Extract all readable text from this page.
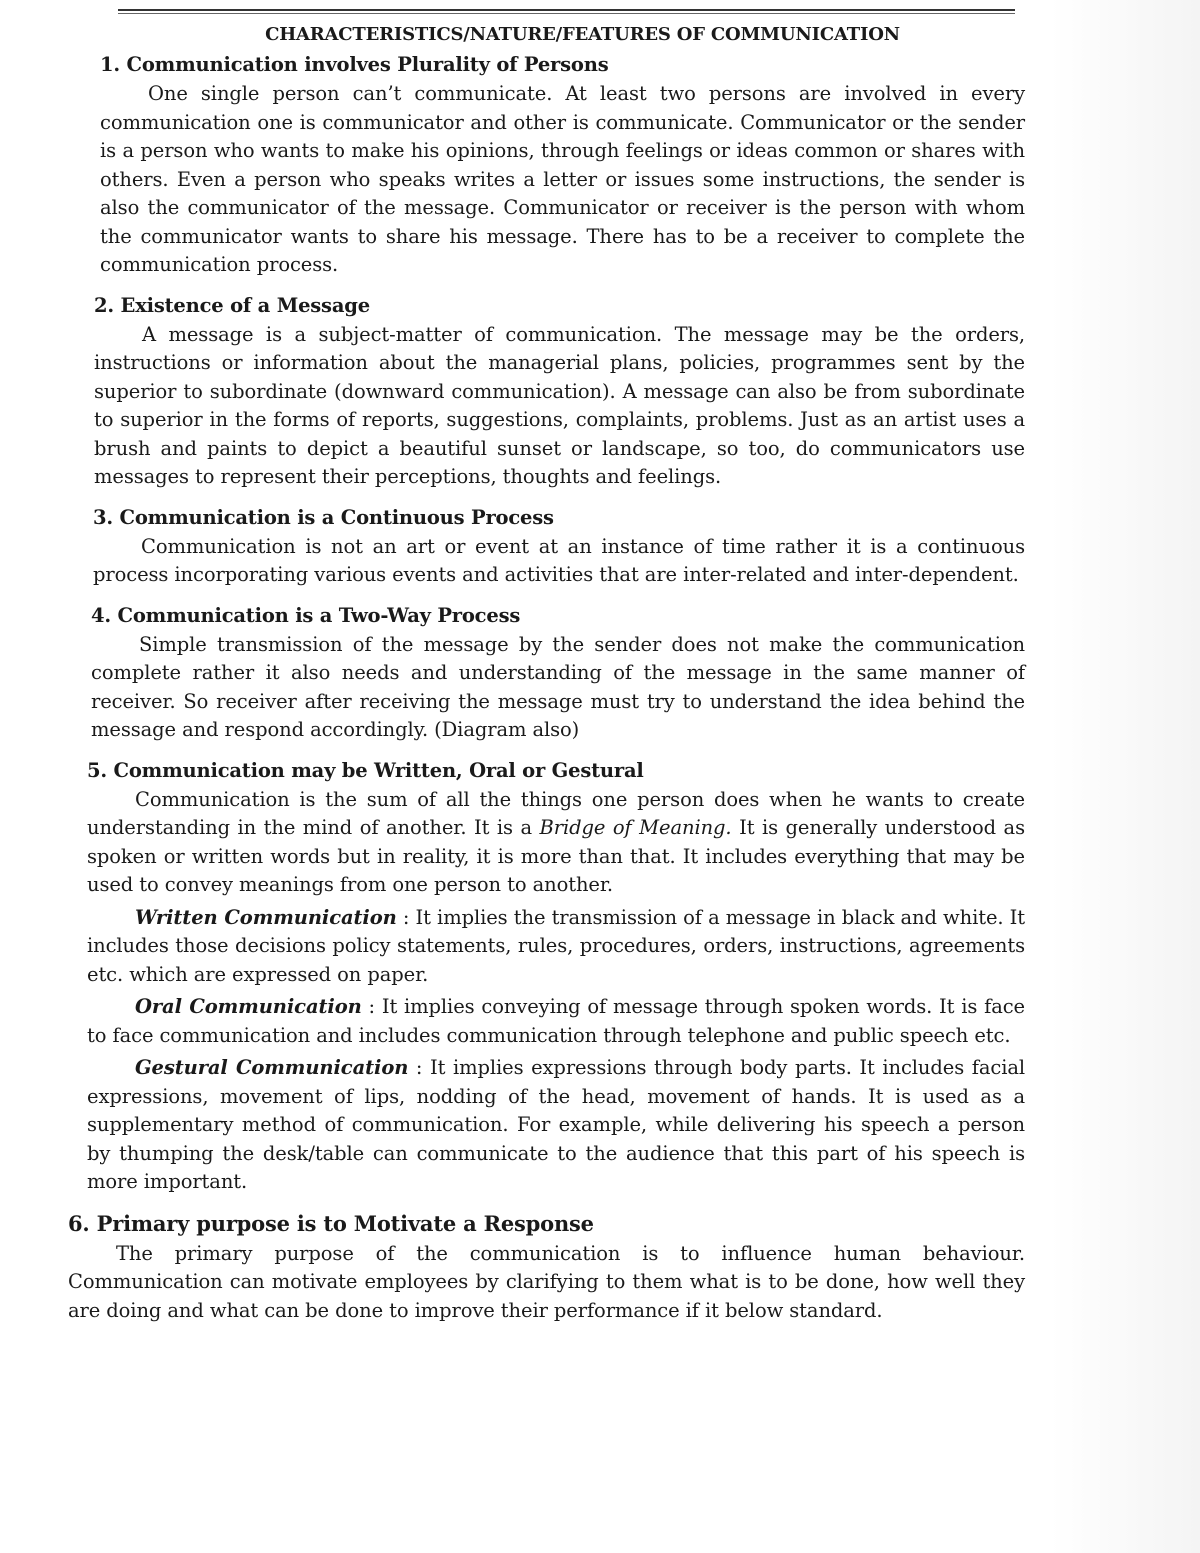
CHARACTERISTICS/NATURE/FEATURES OF COMMUNICATION
1. Communication involves Plurality of Persons

One single person can’t communicate. At least two persons are involved in every communication one is communicator and other is communicate. Communicator or the sender is a person who wants to make his opinions, through feelings or ideas common or shares with others. Even a person who speaks writes a letter or issues some instructions, the sender is also the communicator of the message. Communicator or receiver is the person with whom the communicator wants to share his message. There has to be a receiver to complete the communication process.

2. Existence of a Message

A message is a subject-matter of communication. The message may be the orders, instructions or information about the managerial plans, policies, programmes sent by the superior to subordinate (downward communication). A message can also be from subordinate to superior in the forms of reports, suggestions, complaints, problems. Just as an artist uses a brush and paints to depict a beautiful sunset or landscape, so too, do communicators use messages to represent their perceptions, thoughts and feelings.

3. Communication is a Continuous Process

Communication is not an art or event at an instance of time rather it is a continuous process incorporating various events and activities that are inter-related and inter-dependent.

4. Communication is a Two-Way Process

Simple transmission of the message by the sender does not make the communication complete rather it also needs and understanding of the message in the same manner of receiver. So receiver after receiving the message must try to understand the idea behind the message and respond accordingly. (Diagram also)

5. Communication may be Written, Oral or Gestural

Communication is the sum of all the things one person does when he wants to create understanding in the mind of another. It is a Bridge of Meaning. It is generally understood as spoken or written words but in reality, it is more than that. It includes everything that may be used to convey meanings from one person to another.

Written Communication : It implies the transmission of a message in black and white. It includes those decisions policy statements, rules, procedures, orders, instructions, agreements etc. which are expressed on paper.

Oral Communication : It implies conveying of message through spoken words. It is face to face communication and includes communication through telephone and public speech etc.

Gestural Communication : It implies expressions through body parts. It includes facial expressions, movement of lips, nodding of the head, movement of hands. It is used as a supplementary method of communication. For example, while delivering his speech a person by thumping the desk/table can communicate to the audience that this part of his speech is more important.

6. Primary purpose is to Motivate a Response

The primary purpose of the communication is to influence human behaviour. Communication can motivate employees by clarifying to them what is to be done, how well they are doing and what can be done to improve their performance if it below standard.
